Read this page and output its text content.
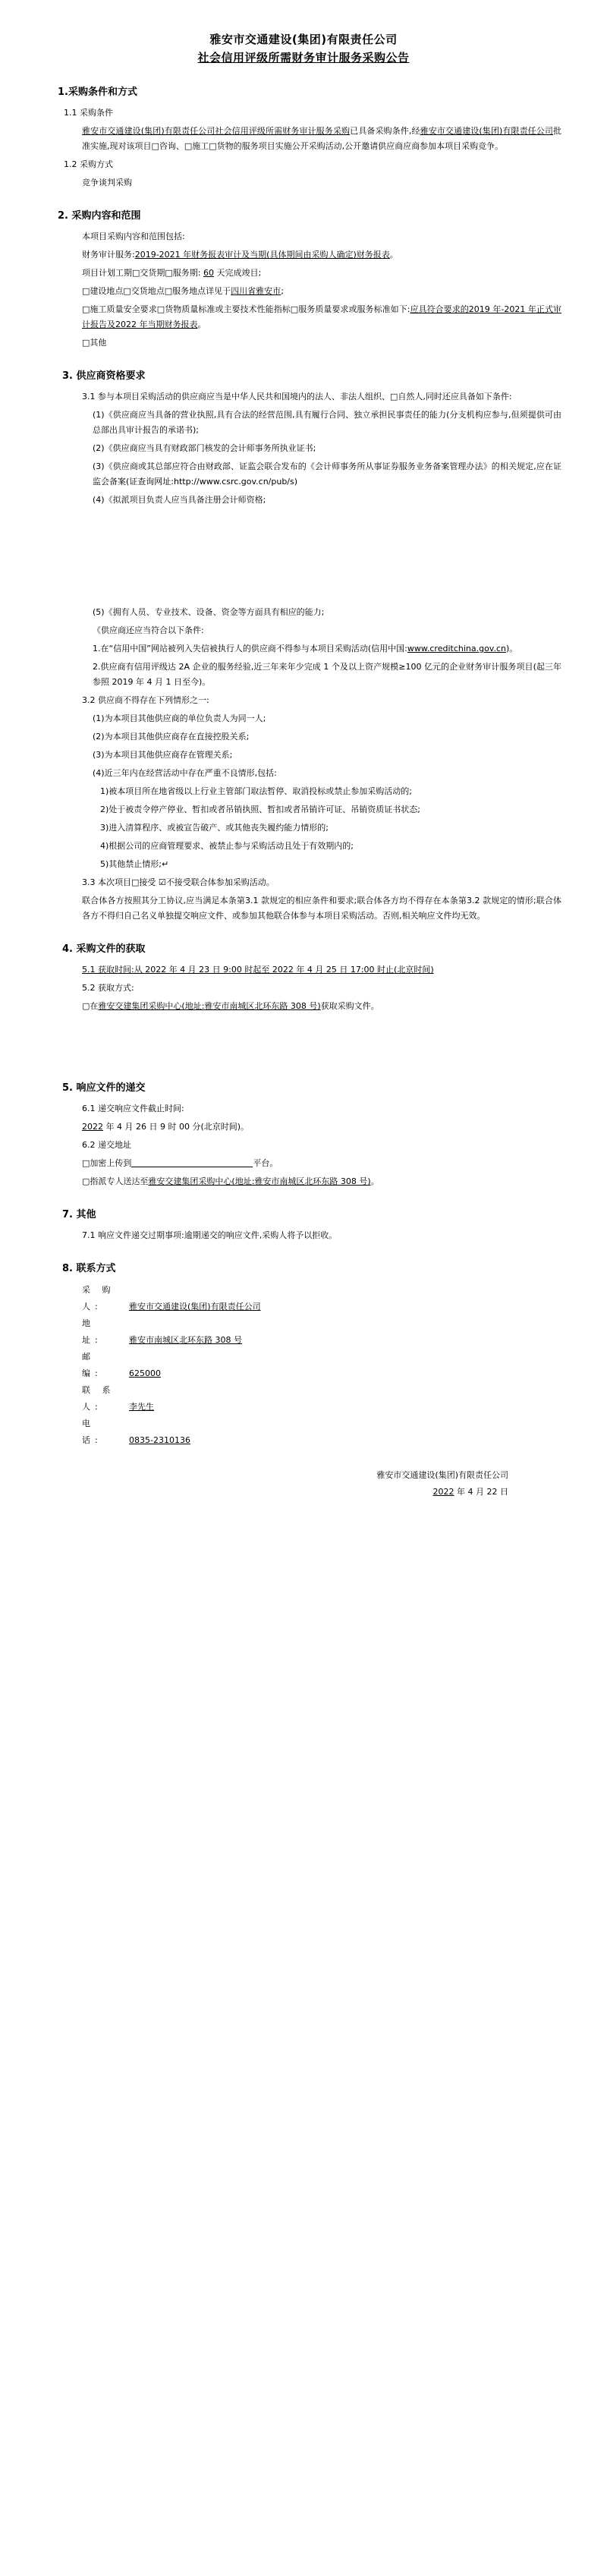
雅安市交通建设(集团)有限责任公司
社会信用评级所需财务审计服务采购公告
1.采购条件和方式
1.1 采购条件
雅安市交通建设(集团)有限责任公司社会信用评级所需财务审计服务采购已具备采购条件,经雅安市交通建设(集团)有限责任公司批准实施,现对该项目□咨询、□施工□货物的服务项目实施公开采购活动,公开邀请供应商应商参加本项目采购竞争。
1.2 采购方式
竞争谈判采购
2. 采购内容和范围
本项目采购内容和范围包括:
财务审计服务:2019-2021 年财务报表审计及当期(具体期间由采购人确定)财务报表。
项目计划工期□交货期□服务期: 60 天完成竣目;
□建设地点□交货地点□服务地点详见于四川省雅安市;
□施工质量安全要求□货物质量标准或主要技术性能指标□服务质量要求或服务标准如下:应具符合要求的2019 年-2021 年正式审计报告及2022 年当期财务报表。
□其他
3. 供应商资格要求
3.1 参与本项目采购活动的供应商应当是中华人民共和国境内的法人、非法人组织、□自然人,同时还应具备如下条件:
(1)《供应商应当具备的营业执照,具有合法的经营范围,具有履行合同、独立承担民事责任的能力(分支机构应参与,但须提供可由总部出具审计报告的承诺书);
(2)《供应商应当具有财政部门核发的会计师事务所执业证书;
(3)《供应商或其总部应符合由财政部、证监会联合发布的《会计师事务所从事证券服务业务备案管理办法》的相关规定,应在证监会备案(证查询网址:http://www.csrc.gov.cn/pub/s)
(4)《拟派项目负责人应当具备注册会计师资格;
(5)《拥有人员、专业技术、设备、资金等方面具有相应的能力;
《供应商还应当符合以下条件:
1.在“信用中国”网站被列入失信被执行人的供应商不得参与本项目采购活动(信用中国:www.creditchina.gov.cn)。
2.供应商有信用评级达 2A 企业的服务经验,近三年来年少完成 1 个及以上资产规模≥100 亿元的企业财务审计服务项目(起三年参照 2019 年 4 月 1 日至今)。
3.2 供应商不得存在下列情形之一:
(1)为本项目其他供应商的单位负责人为同一人;
(2)为本项目其他供应商存在直接控股关系;
(3)为本项目其他供应商存在管理关系;
(4)近三年内在经营活动中存在严重不良情形,包括:
1)被本项目所在地省级以上行业主管部门取法暂停、取消投标或禁止参加采购活动的;
2)处于被责令停产停业、暂扣或者吊销执照、暂扣或者吊销许可证、吊销资质证书状态;
3)进入清算程序、或被宣告破产、或其他丧失履约能力情形的;
4)根据公司的应商管理要求、被禁止参与采购活动且处于有效期内的;
5)其他禁止情形;↵
3.3 本次项目□接受 ☑不接受联合体参加采购活动。
联合体各方按照其分工协议,应当满足本条第3.1 款规定的相应条件和要求;联合体各方均不得存在本条第3.2 款规定的情形;联合体各方不得归自己名义单独提交响应文件、或参加其他联合体参与本项目采购活动。否则,相关响应文件均无效。
4. 采购文件的获取
5.1 获取时间:从 2022 年 4 月 23 日 9:00 时起至 2022 年 4 月 25 日 17:00 时止(北京时间)
5.2 获取方式:
▢在雅安交建集团采购中心(地址:雅安市南城区北环东路 308 号)获取采购文件。
5. 响应文件的递交
6.1 递交响应文件截止时间:
2022 年 4 月 26 日 9 时 00 分(北京时间)。
6.2 递交地址
□加密上传到	平台。
▢指派专人送达至雅安交建集团采购中心(地址:雅安市南城区北环东路 308 号)。
7. 其他
7.1 响应文件递交过期事项:逾期递交的响应文件,采购人将予以拒收。
8. 联系方式
采 购 人:	雅安市交通建设(集团)有限责任公司
地　　址:	雅安市南城区北环东路 308 号
邮　　编:	625000
联 系 人:	李先生
电　　话:	0835-2310136
雅安市交通建设(集团)有限责任公司
2022 年 4 月 22 日
